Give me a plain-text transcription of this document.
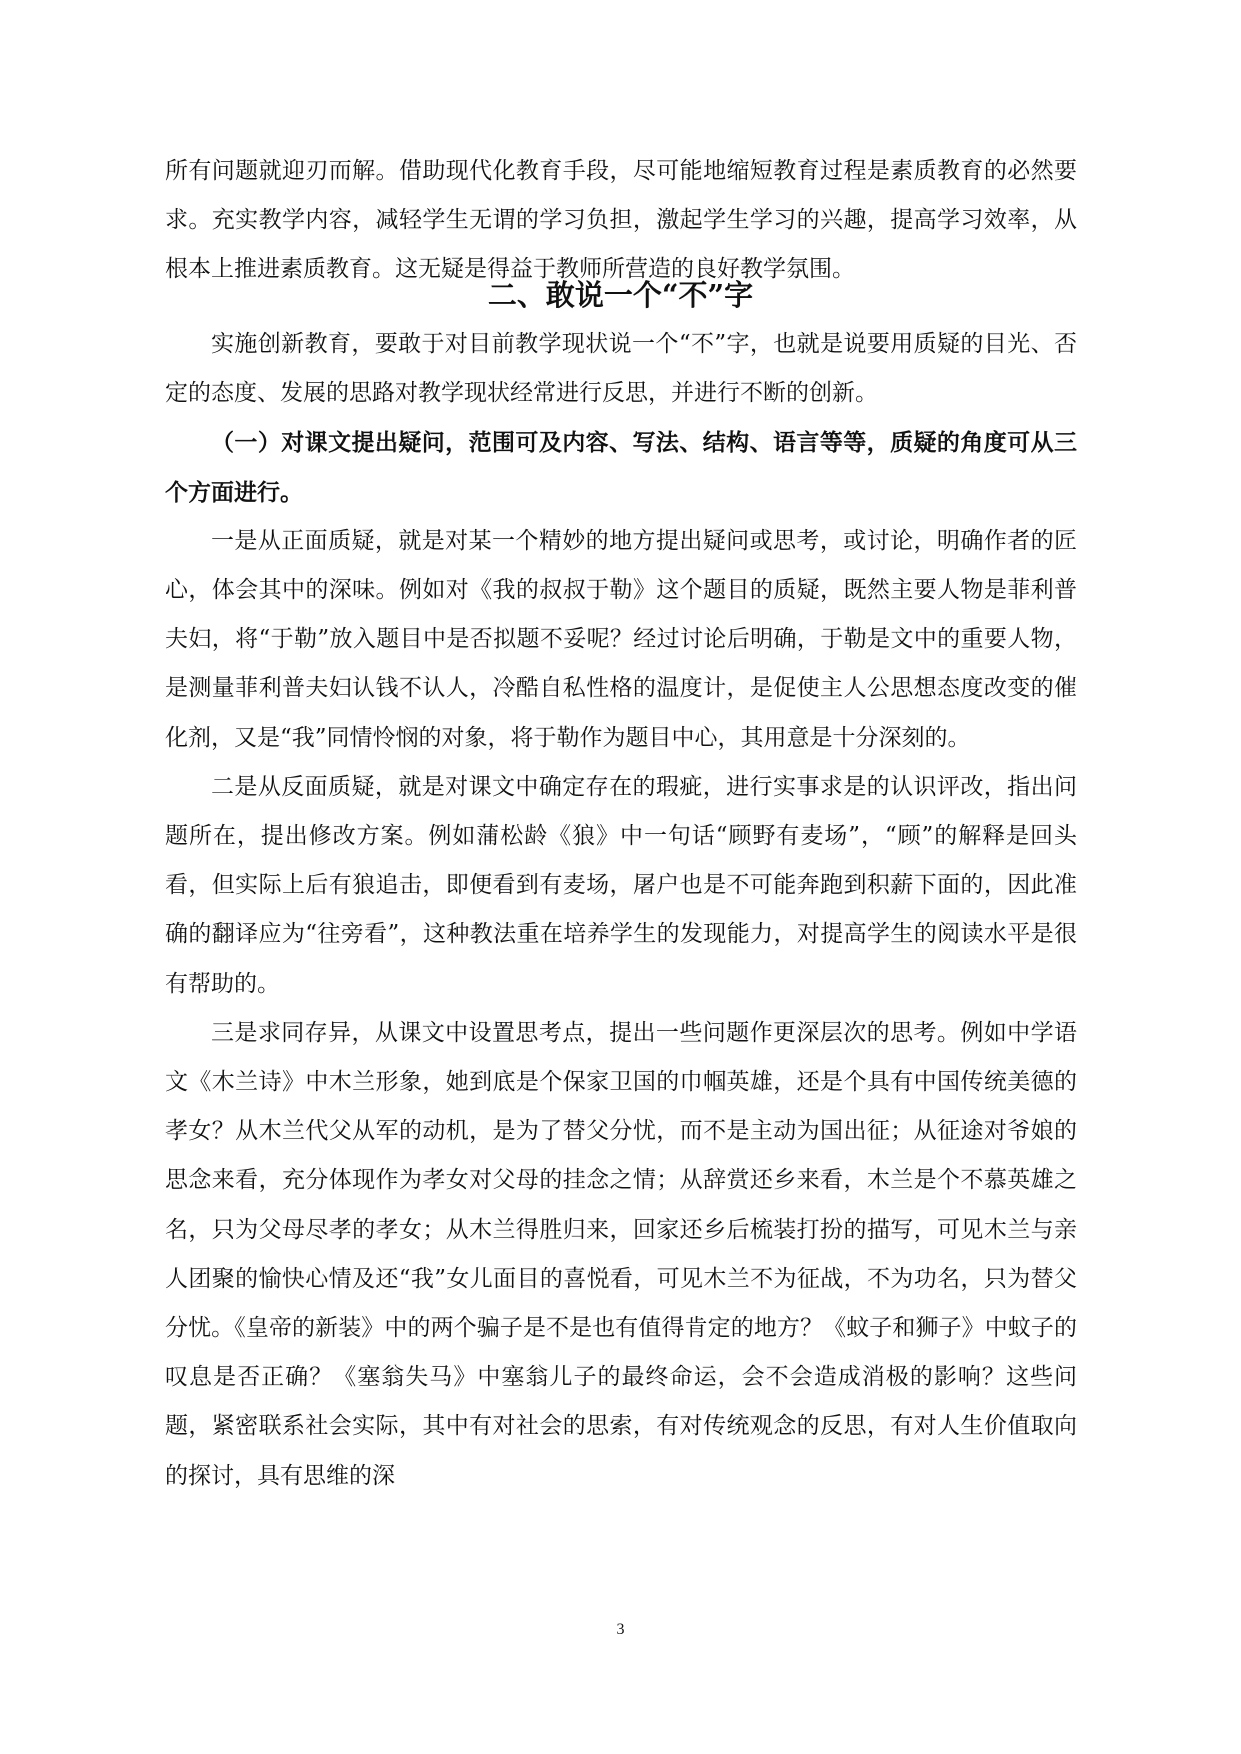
所有问题就迎刃而解。借助现代化教育手段，尽可能地缩短教育过程是素质教育的必然要求。充实教学内容，减轻学生无谓的学习负担，激起学生学习的兴趣，提高学习效率，从根本上推进素质教育。这无疑是得益于教师所营造的良好教学氛围。

二、敢说一个“不”字

实施创新教育，要敢于对目前教学现状说一个“不”字，也就是说要用质疑的目光、否定的态度、发展的思路对教学现状经常进行反思，并进行不断的创新。

（一）对课文提出疑问，范围可及内容、写法、结构、语言等等，质疑的角度可从三个方面进行。

一是从正面质疑，就是对某一个精妙的地方提出疑问或思考，或讨论，明确作者的匠心，体会其中的深味。例如对《我的叔叔于勒》这个题目的质疑，既然主要人物是菲利普夫妇，将“于勒”放入题目中是否拟题不妥呢？经过讨论后明确，于勒是文中的重要人物，是测量菲利普夫妇认钱不认人，冷酷自私性格的温度计，是促使主人公思想态度改变的催化剂，又是“我”同情怜悯的对象，将于勒作为题目中心，其用意是十分深刻的。

二是从反面质疑，就是对课文中确定存在的瑕疵，进行实事求是的认识评改，指出问题所在，提出修改方案。例如蒲松龄《狼》中一句话“顾野有麦场”，“顾”的解释是回头看，但实际上后有狼追击，即便看到有麦场，屠户也是不可能奔跑到积薪下面的，因此准确的翻译应为“往旁看”，这种教法重在培养学生的发现能力，对提高学生的阅读水平是很有帮助的。

三是求同存异，从课文中设置思考点，提出一些问题作更深层次的思考。例如中学语文《木兰诗》中木兰形象，她到底是个保家卫国的巾帼英雄，还是个具有中国传统美德的孝女？从木兰代父从军的动机，是为了替父分忧，而不是主动为国出征；从征途对爷娘的思念来看，充分体现作为孝女对父母的挂念之情；从辞赏还乡来看，木兰是个不慕英雄之名，只为父母尽孝的孝女；从木兰得胜归来，回家还乡后梳装打扮的描写，可见木兰与亲人团聚的愉快心情及还“我”女儿面目的喜悦看，可见木兰不为征战，不为功名，只为替父分忧。《皇帝的新装》中的两个骗子是不是也有值得肯定的地方？《蚊子和狮子》中蚊子的叹息是否正确？《塞翁失马》中塞翁儿子的最终命运，会不会造成消极的影响？这些问题，紧密联系社会实际，其中有对社会的思索，有对传统观念的反思，有对人生价值取向的探讨，具有思维的深

3
